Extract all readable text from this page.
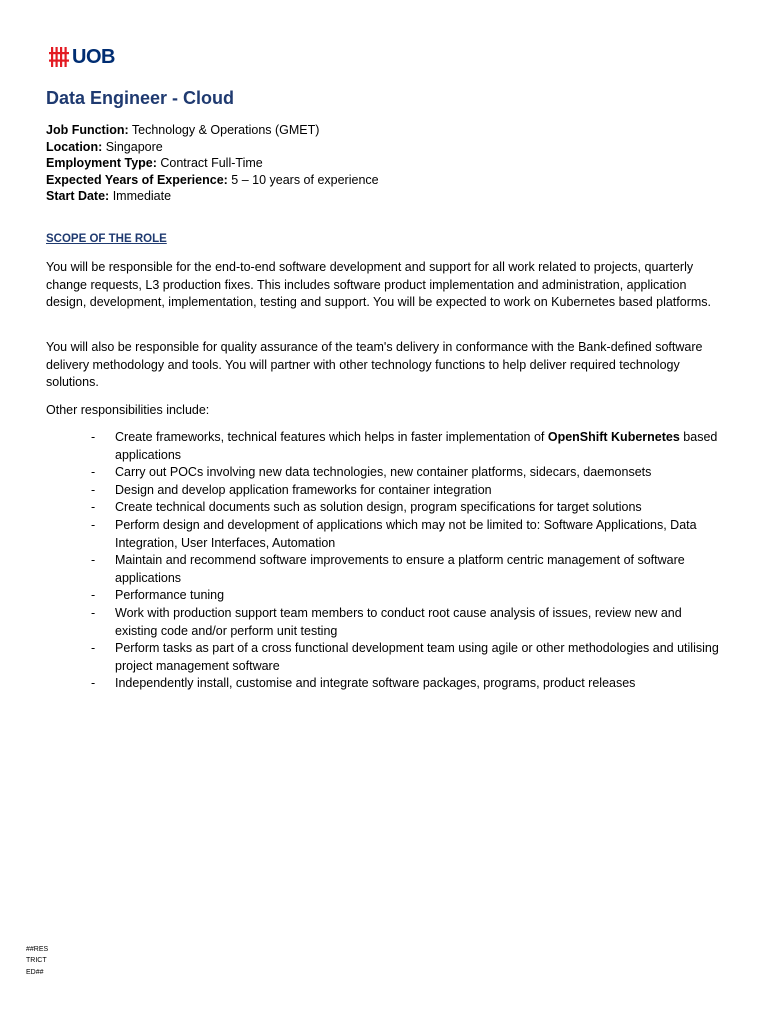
UOB
Data Engineer - Cloud
Job Function: Technology & Operations (GMET)
Location: Singapore
Employment Type: Contract Full-Time
Expected Years of Experience: 5 – 10 years of experience
Start Date: Immediate
SCOPE OF THE ROLE

You will be responsible for the end-to-end software development and support for all work related to projects, quarterly change requests, L3 production fixes. This includes software product implementation and administration, application design, development, implementation, testing and support. You will be expected to work on Kubernetes based platforms.

You will also be responsible for quality assurance of the team's delivery in conformance with the Bank-defined software delivery methodology and tools. You will partner with other technology functions to help deliver required technology solutions.

Other responsibilities include:

- Create frameworks, technical features which helps in faster implementation of OpenShift Kubernetes based applications
- Carry out POCs involving new data technologies, new container platforms, sidecars, daemonsets
- Design and develop application frameworks for container integration
- Create technical documents such as solution design, program specifications for target solutions
- Perform design and development of applications which may not be limited to: Software Applications, Data Integration, User Interfaces, Automation
- Maintain and recommend software improvements to ensure a platform centric management of software applications
- Performance tuning
- Work with production support team members to conduct root cause analysis of issues, review new and existing code and/or perform unit testing
- Perform tasks as part of a cross functional development team using agile or other methodologies and utilising project management software
- Independently install, customise and integrate software packages, programs, product releases
##RESTRICTED##
